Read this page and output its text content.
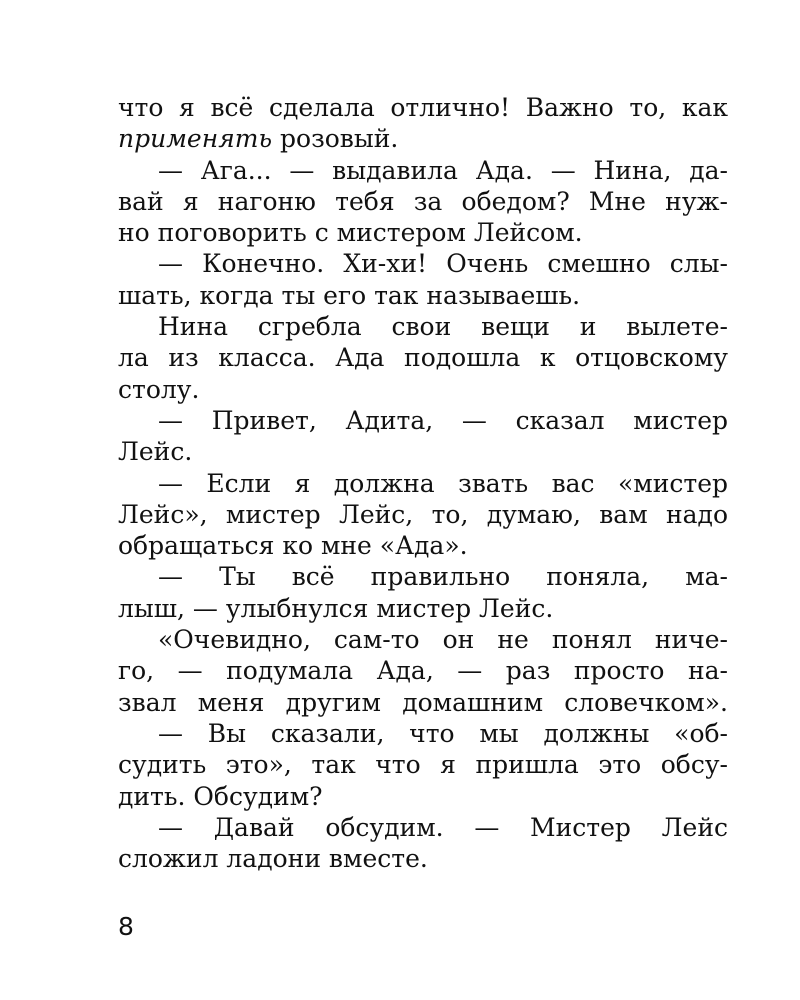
что я всё сделала отлично! Важно то, как
применять розовый.
— Ага... — выдавила Ада. — Нина, да-
вай я нагоню тебя за обедом? Мне нуж-
но поговорить с мистером Лейсом.
— Конечно. Хи-хи! Очень смешно слы-
шать, когда ты его так называешь.
Нина сгребла свои вещи и вылете-
ла из класса. Ада подошла к отцовскому
столу.
— Привет, Адита, — сказал мистер
Лейс.
— Если я должна звать вас «мистер
Лейс», мистер Лейс, то, думаю, вам надо
обращаться ко мне «Ада».
— Ты всё правильно поняла, ма-
лыш, — улыбнулся мистер Лейс.
«Очевидно, сам-то он не понял ниче-
го, — подумала Ада, — раз просто на-
звал меня другим домашним словечком».
— Вы сказали, что мы должны «об-
судить это», так что я пришла это обсу-
дить. Обсудим?
— Давай обсудим. — Мистер Лейс
сложил ладони вместе.
8
